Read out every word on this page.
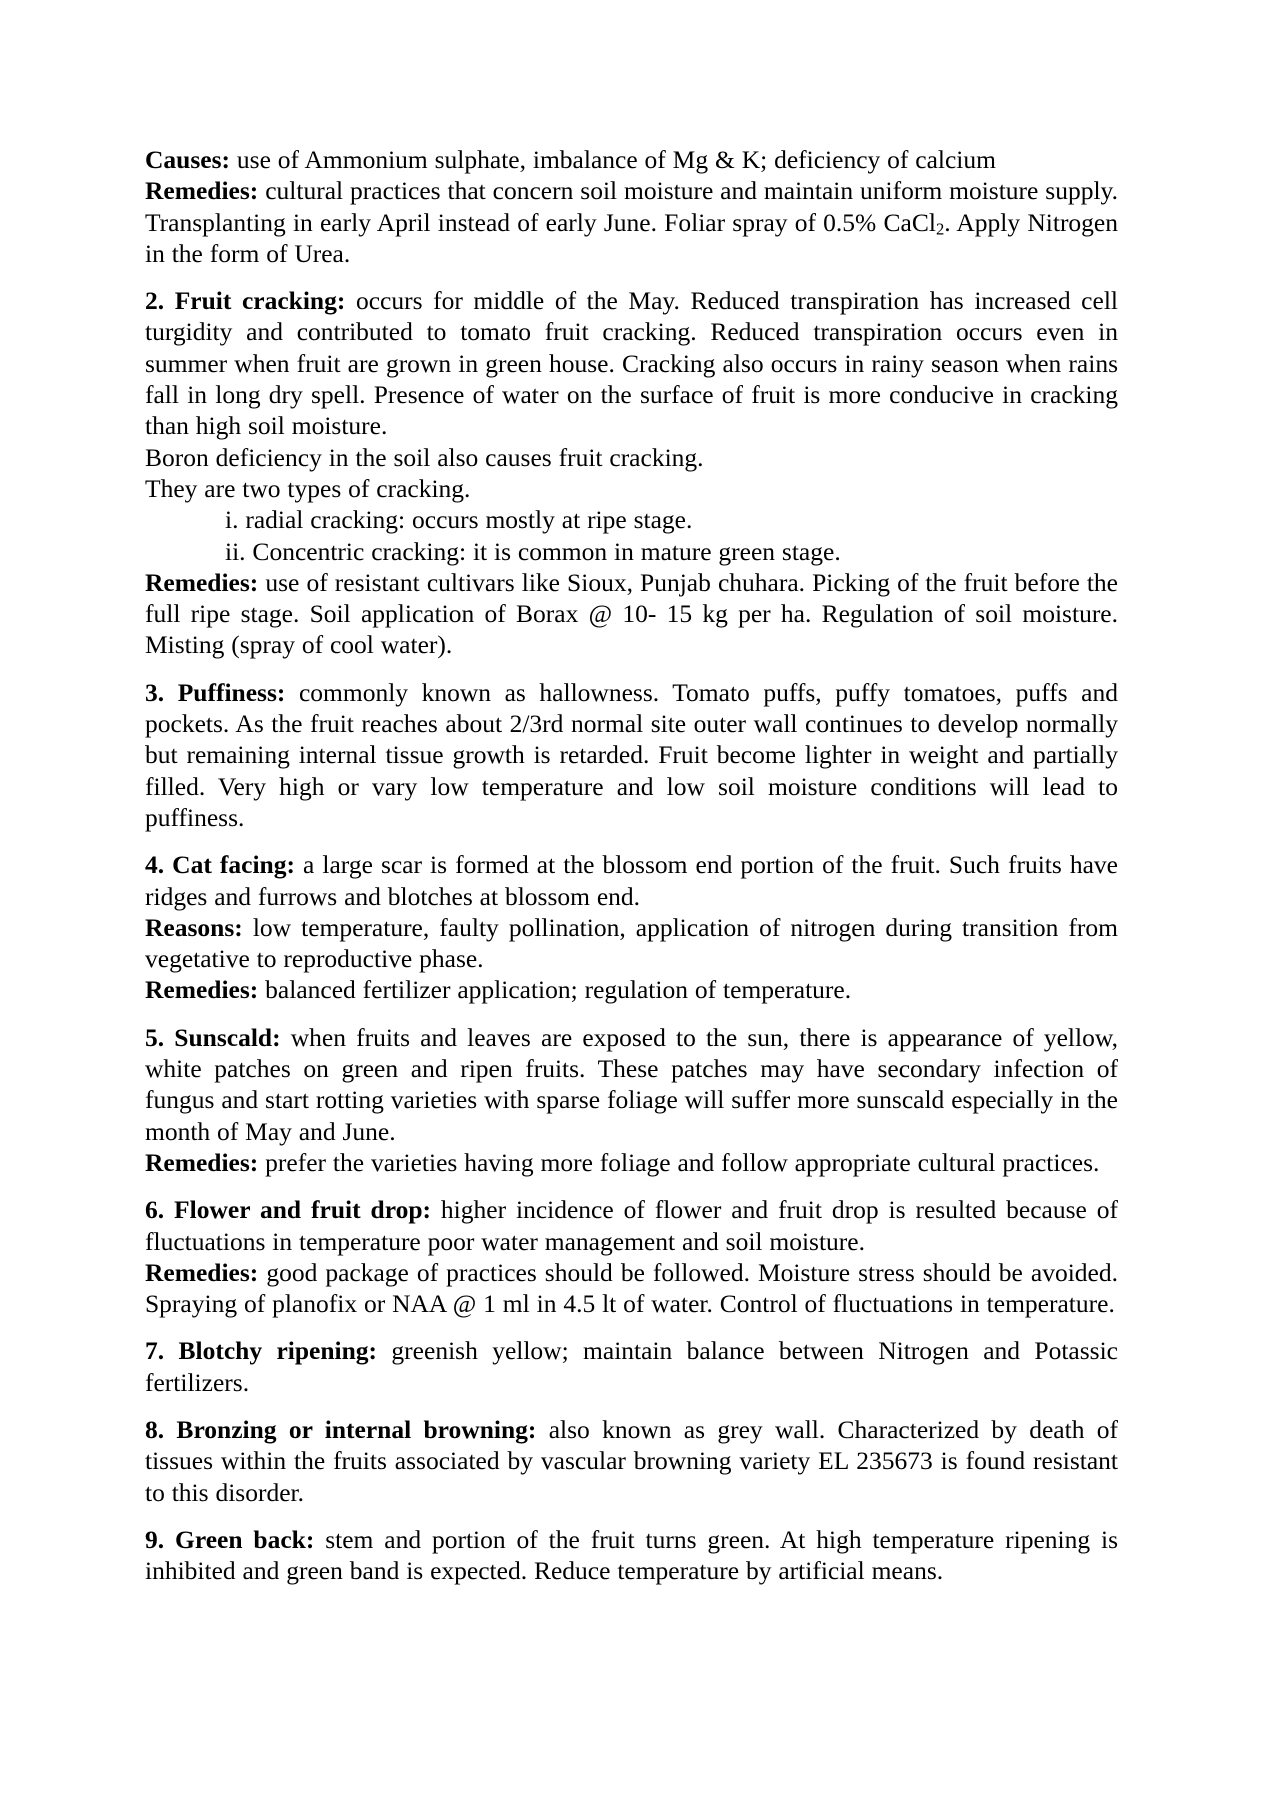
Causes: use of Ammonium sulphate, imbalance of Mg & K; deficiency of calcium
Remedies: cultural practices that concern soil moisture and maintain uniform moisture supply. Transplanting in early April instead of early June. Foliar spray of 0.5% CaCl$_2$. Apply Nitrogen in the form of Urea.
2. Fruit cracking: occurs for middle of the May. Reduced transpiration has increased cell turgidity and contributed to tomato fruit cracking. Reduced transpiration occurs even in summer when fruit are grown in green house. Cracking also occurs in rainy season when rains fall in long dry spell. Presence of water on the surface of fruit is more conducive in cracking than high soil moisture.
Boron deficiency in the soil also causes fruit cracking.
They are two types of cracking.
i. radial cracking: occurs mostly at ripe stage.
ii. Concentric cracking: it is common in mature green stage.
Remedies: use of resistant cultivars like Sioux, Punjab chuhara. Picking of the fruit before the full ripe stage. Soil application of Borax @ 10- 15 kg per ha. Regulation of soil moisture. Misting (spray of cool water).
3. Puffiness: commonly known as hallowness. Tomato puffs, puffy tomatoes, puffs and pockets. As the fruit reaches about 2/3rd normal site outer wall continues to develop normally but remaining internal tissue growth is retarded. Fruit become lighter in weight and partially filled. Very high or vary low temperature and low soil moisture conditions will lead to puffiness.
4. Cat facing: a large scar is formed at the blossom end portion of the fruit. Such fruits have ridges and furrows and blotches at blossom end.
Reasons: low temperature, faulty pollination, application of nitrogen during transition from vegetative to reproductive phase.
Remedies: balanced fertilizer application; regulation of temperature.
5. Sunscald: when fruits and leaves are exposed to the sun, there is appearance of yellow, white patches on green and ripen fruits. These patches may have secondary infection of fungus and start rotting varieties with sparse foliage will suffer more sunscald especially in the month of May and June.
Remedies: prefer the varieties having more foliage and follow appropriate cultural practices.
6. Flower and fruit drop: higher incidence of flower and fruit drop is resulted because of fluctuations in temperature poor water management and soil moisture.
Remedies: good package of practices should be followed. Moisture stress should be avoided. Spraying of planofix or NAA @ 1 ml in 4.5 lt of water. Control of fluctuations in temperature.
7. Blotchy ripening: greenish yellow; maintain balance between Nitrogen and Potassic fertilizers.
8. Bronzing or internal browning: also known as grey wall. Characterized by death of tissues within the fruits associated by vascular browning variety EL 235673 is found resistant to this disorder.
9. Green back: stem and portion of the fruit turns green. At high temperature ripening is inhibited and green band is expected. Reduce temperature by artificial means.
